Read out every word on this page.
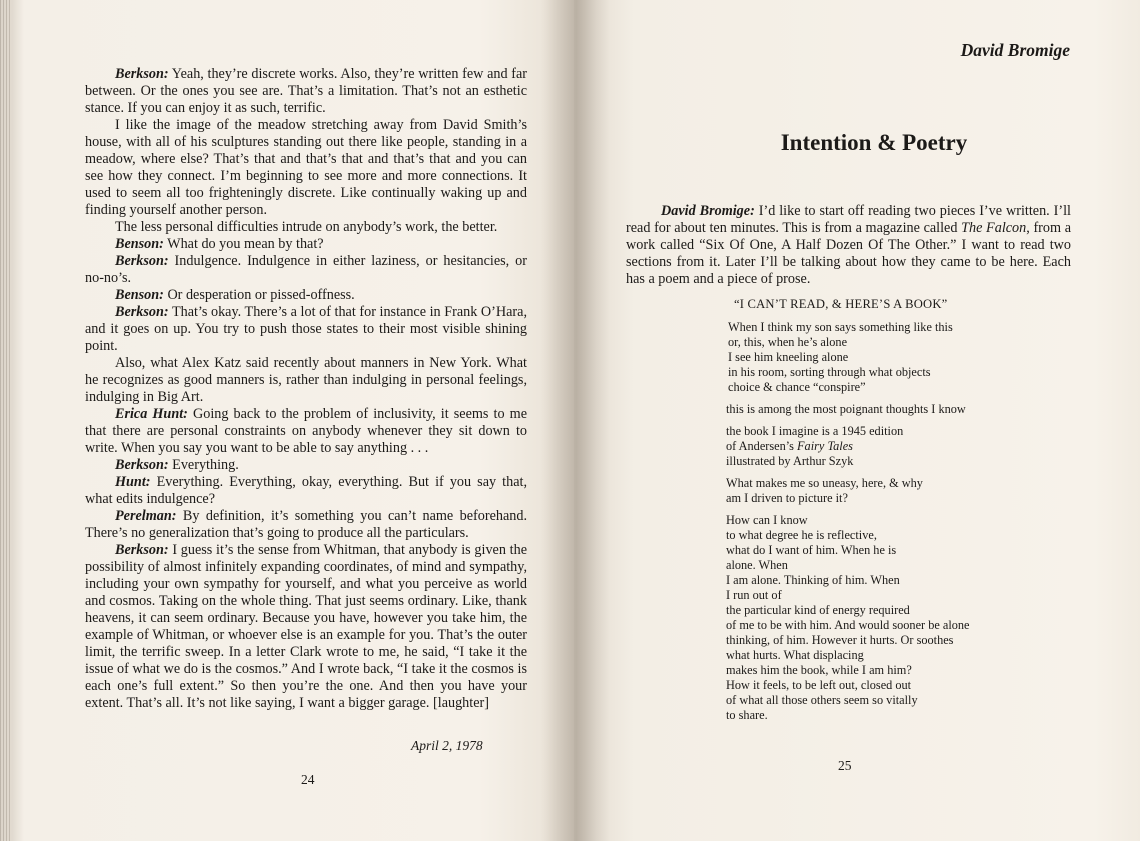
Berkson: Yeah, they’re discrete works. Also, they’re written few and far between. Or the ones you see are. That’s a limitation. That’s not an esthetic stance. If you can enjoy it as such, terrific.

I like the image of the meadow stretching away from David Smith’s house, with all of his sculptures standing out there like people, standing in a meadow, where else? That’s that and that’s that and that’s that and you can see how they connect. I’m beginning to see more and more connections. It used to seem all too frighteningly discrete. Like continually waking up and finding yourself another person.

The less personal difficulties intrude on anybody’s work, the better.

Benson: What do you mean by that?

Berkson: Indulgence. Indulgence in either laziness, or hesitancies, or no-no’s.

Benson: Or desperation or pissed-offness.

Berkson: That’s okay. There’s a lot of that for instance in Frank O’Hara, and it goes on up. You try to push those states to their most visible shining point.

Also, what Alex Katz said recently about manners in New York. What he recognizes as good manners is, rather than indulging in personal feelings, indulging in Big Art.

Erica Hunt: Going back to the problem of inclusivity, it seems to me that there are personal constraints on anybody whenever they sit down to write. When you say you want to be able to say anything . . .

Berkson: Everything.

Hunt: Everything. Everything, okay, everything. But if you say that, what edits indulgence?

Perelman: By definition, it’s something you can’t name beforehand. There’s no generalization that’s going to produce all the particulars.

Berkson: I guess it’s the sense from Whitman, that anybody is given the possibility of almost infinitely expanding coordinates, of mind and sympathy, including your own sympathy for yourself, and what you perceive as world and cosmos. Taking on the whole thing. That just seems ordinary. Like, thank heavens, it can seem ordinary. Because you have, however you take him, the example of Whitman, or whoever else is an example for you. That’s the outer limit, the terrific sweep. In a letter Clark wrote to me, he said, “I take it the issue of what we do is the cosmos.” And I wrote back, “I take it the cosmos is each one’s full extent.” So then you’re the one. And then you have your extent. That’s all. It’s not like saying, I want a bigger garage. [laughter]

April 2, 1978
24
David Bromige
Intention & Poetry

David Bromige: I’d like to start off reading two pieces I’ve written. I’ll read for about ten minutes. This is from a magazine called The Falcon, from a work called “Six Of One, A Half Dozen Of The Other.” I want to read two sections from it. Later I’ll be talking about how they came to be here. Each has a poem and a piece of prose.

“I CAN’T READ, & HERE’S A BOOK”
When I think my son says something like this
or, this, when he’s alone
I see him kneeling alone
in his room, sorting through what objects
choice & chance “conspire”
this is among the most poignant thoughts I know
the book I imagine is a 1945 edition
of Andersen’s Fairy Tales
illustrated by Arthur Szyk
What makes me so uneasy, here, & why
am I driven to picture it?
How can I know
to what degree he is reflective,
what do I want of him. When he is
alone. When
I am alone. Thinking of him. When
I run out of
the particular kind of energy required
of me to be with him. And would sooner be alone
thinking, of him. However it hurts. Or soothes
what hurts. What displacing
makes him the book, while I am him?
How it feels, to be left out, closed out
of what all those others seem so vitally
to share.
25
